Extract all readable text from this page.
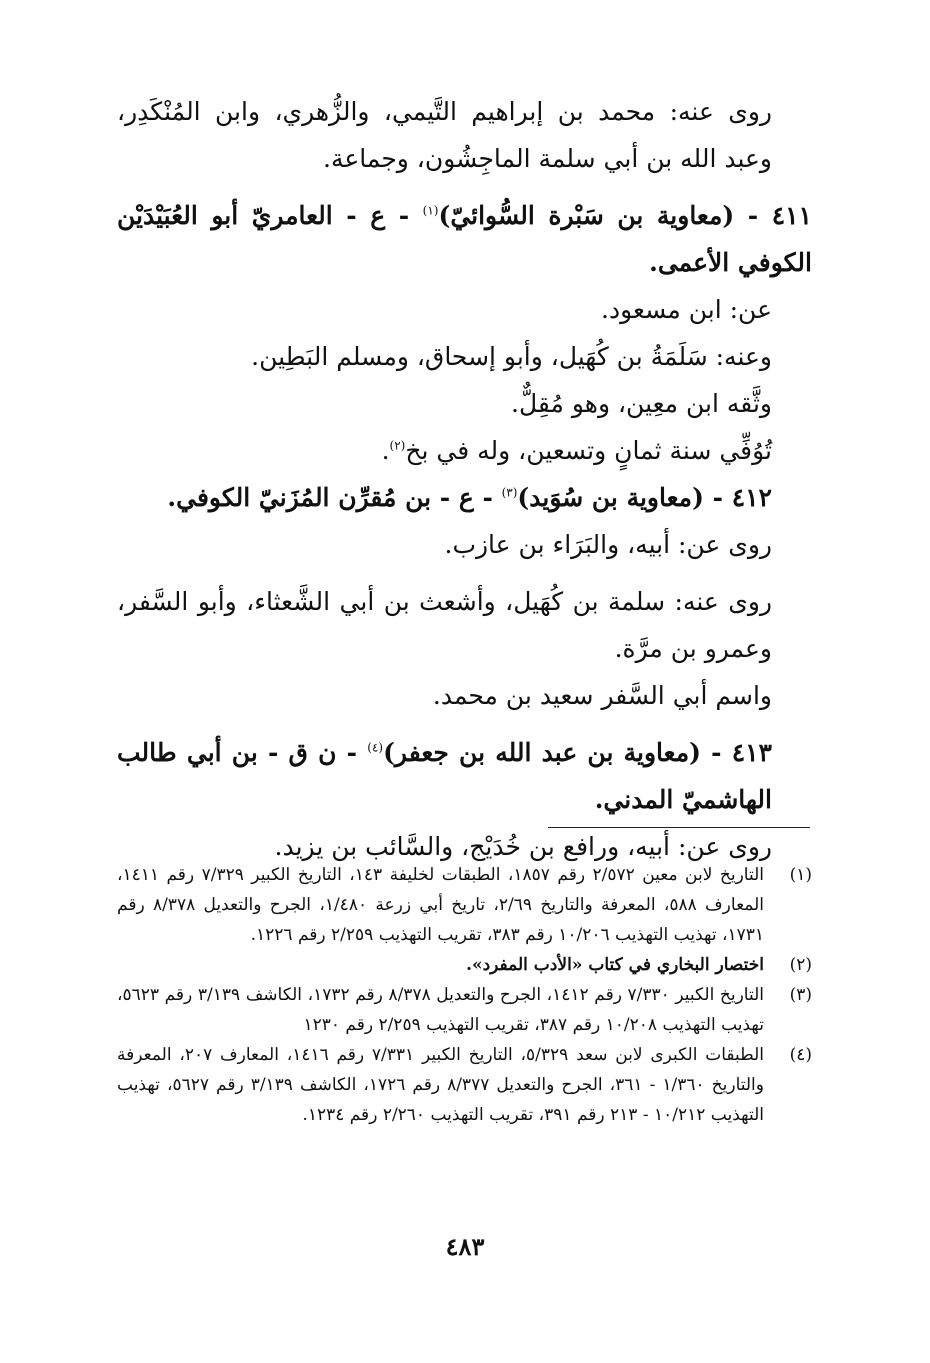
روى عنه: محمد بن إبراهيم التَّيمي، والزُّهري، وابن المُنْكَدِر، وعبد الله بن أبي سلمة الماجِشُون، وجماعة.

٤١١ - (معاوية بن سَبْرة السُّوائيّ)$^{(١)}$ - ع - العامريّ أبو العُبَيْدَيْن الكوفي الأعمى.

عن: ابن مسعود.

وعنه: سَلَمَةُ بن كُهَيل، وأبو إسحاق، ومسلم البَطِين.

وثَّقه ابن معِين، وهو مُقِلٌّ.

تُوُفِّي سنة ثمانٍ وتسعين، وله في بخ$^{(٢)}$.

٤١٢ - (معاوية بن سُوَيد)$^{(٣)}$ - ع - بن مُقرِّن المُزَنيّ الكوفي.

روى عن: أبيه، والبَرَاء بن عازب.

روى عنه: سلمة بن كُهَيل، وأشعث بن أبي الشَّعثاء، وأبو السَّفر، وعمرو بن مرَّة.

واسم أبي السَّفر سعيد بن محمد.

٤١٣ - (معاوية بن عبد الله بن جعفر)$^{(٤)}$ - ن ق - بن أبي طالب الهاشميّ المدني.

روى عن: أبيه، ورافع بن خُدَيْج، والسَّائب بن يزيد.

(١)
التاريخ لابن معين ٢/٥٧٢ رقم ١٨٥٧، الطبقات لخليفة ١٤٣، التاريخ الكبير ٧/٣٢٩ رقم ١٤١١، المعارف ٥٨٨، المعرفة والتاريخ ٢/٦٩، تاريخ أبي زرعة ١/٤٨٠، الجرح والتعديل ٨/٣٧٨ رقم ١٧٣١، تهذيب التهذيب ١٠/٢٠٦ رقم ٣٨٣، تقريب التهذيب ٢/٢٥٩ رقم ١٢٢٦.
(٢)
اختصار البخاري في كتاب «الأدب المفرد».
(٣)
التاريخ الكبير ٧/٣٣٠ رقم ١٤١٢، الجرح والتعديل ٨/٣٧٨ رقم ١٧٣٢، الكاشف ٣/١٣٩ رقم ٥٦٢٣، تهذيب التهذيب ١٠/٢٠٨ رقم ٣٨٧، تقريب التهذيب ٢/٢٥٩ رقم ١٢٣٠
(٤)
الطبقات الكبرى لابن سعد ٥/٣٢٩، التاريخ الكبير ٧/٣٣١ رقم ١٤١٦، المعارف ٢٠٧، المعرفة والتاريخ ١/٣٦٠ - ٣٦١، الجرح والتعديل ٨/٣٧٧ رقم ١٧٢٦، الكاشف ٣/١٣٩ رقم ٥٦٢٧، تهذيب التهذيب ١٠/٢١٢ - ٢١٣ رقم ٣٩١، تقريب التهذيب ٢/٢٦٠ رقم ١٢٣٤.
٤٨٣
